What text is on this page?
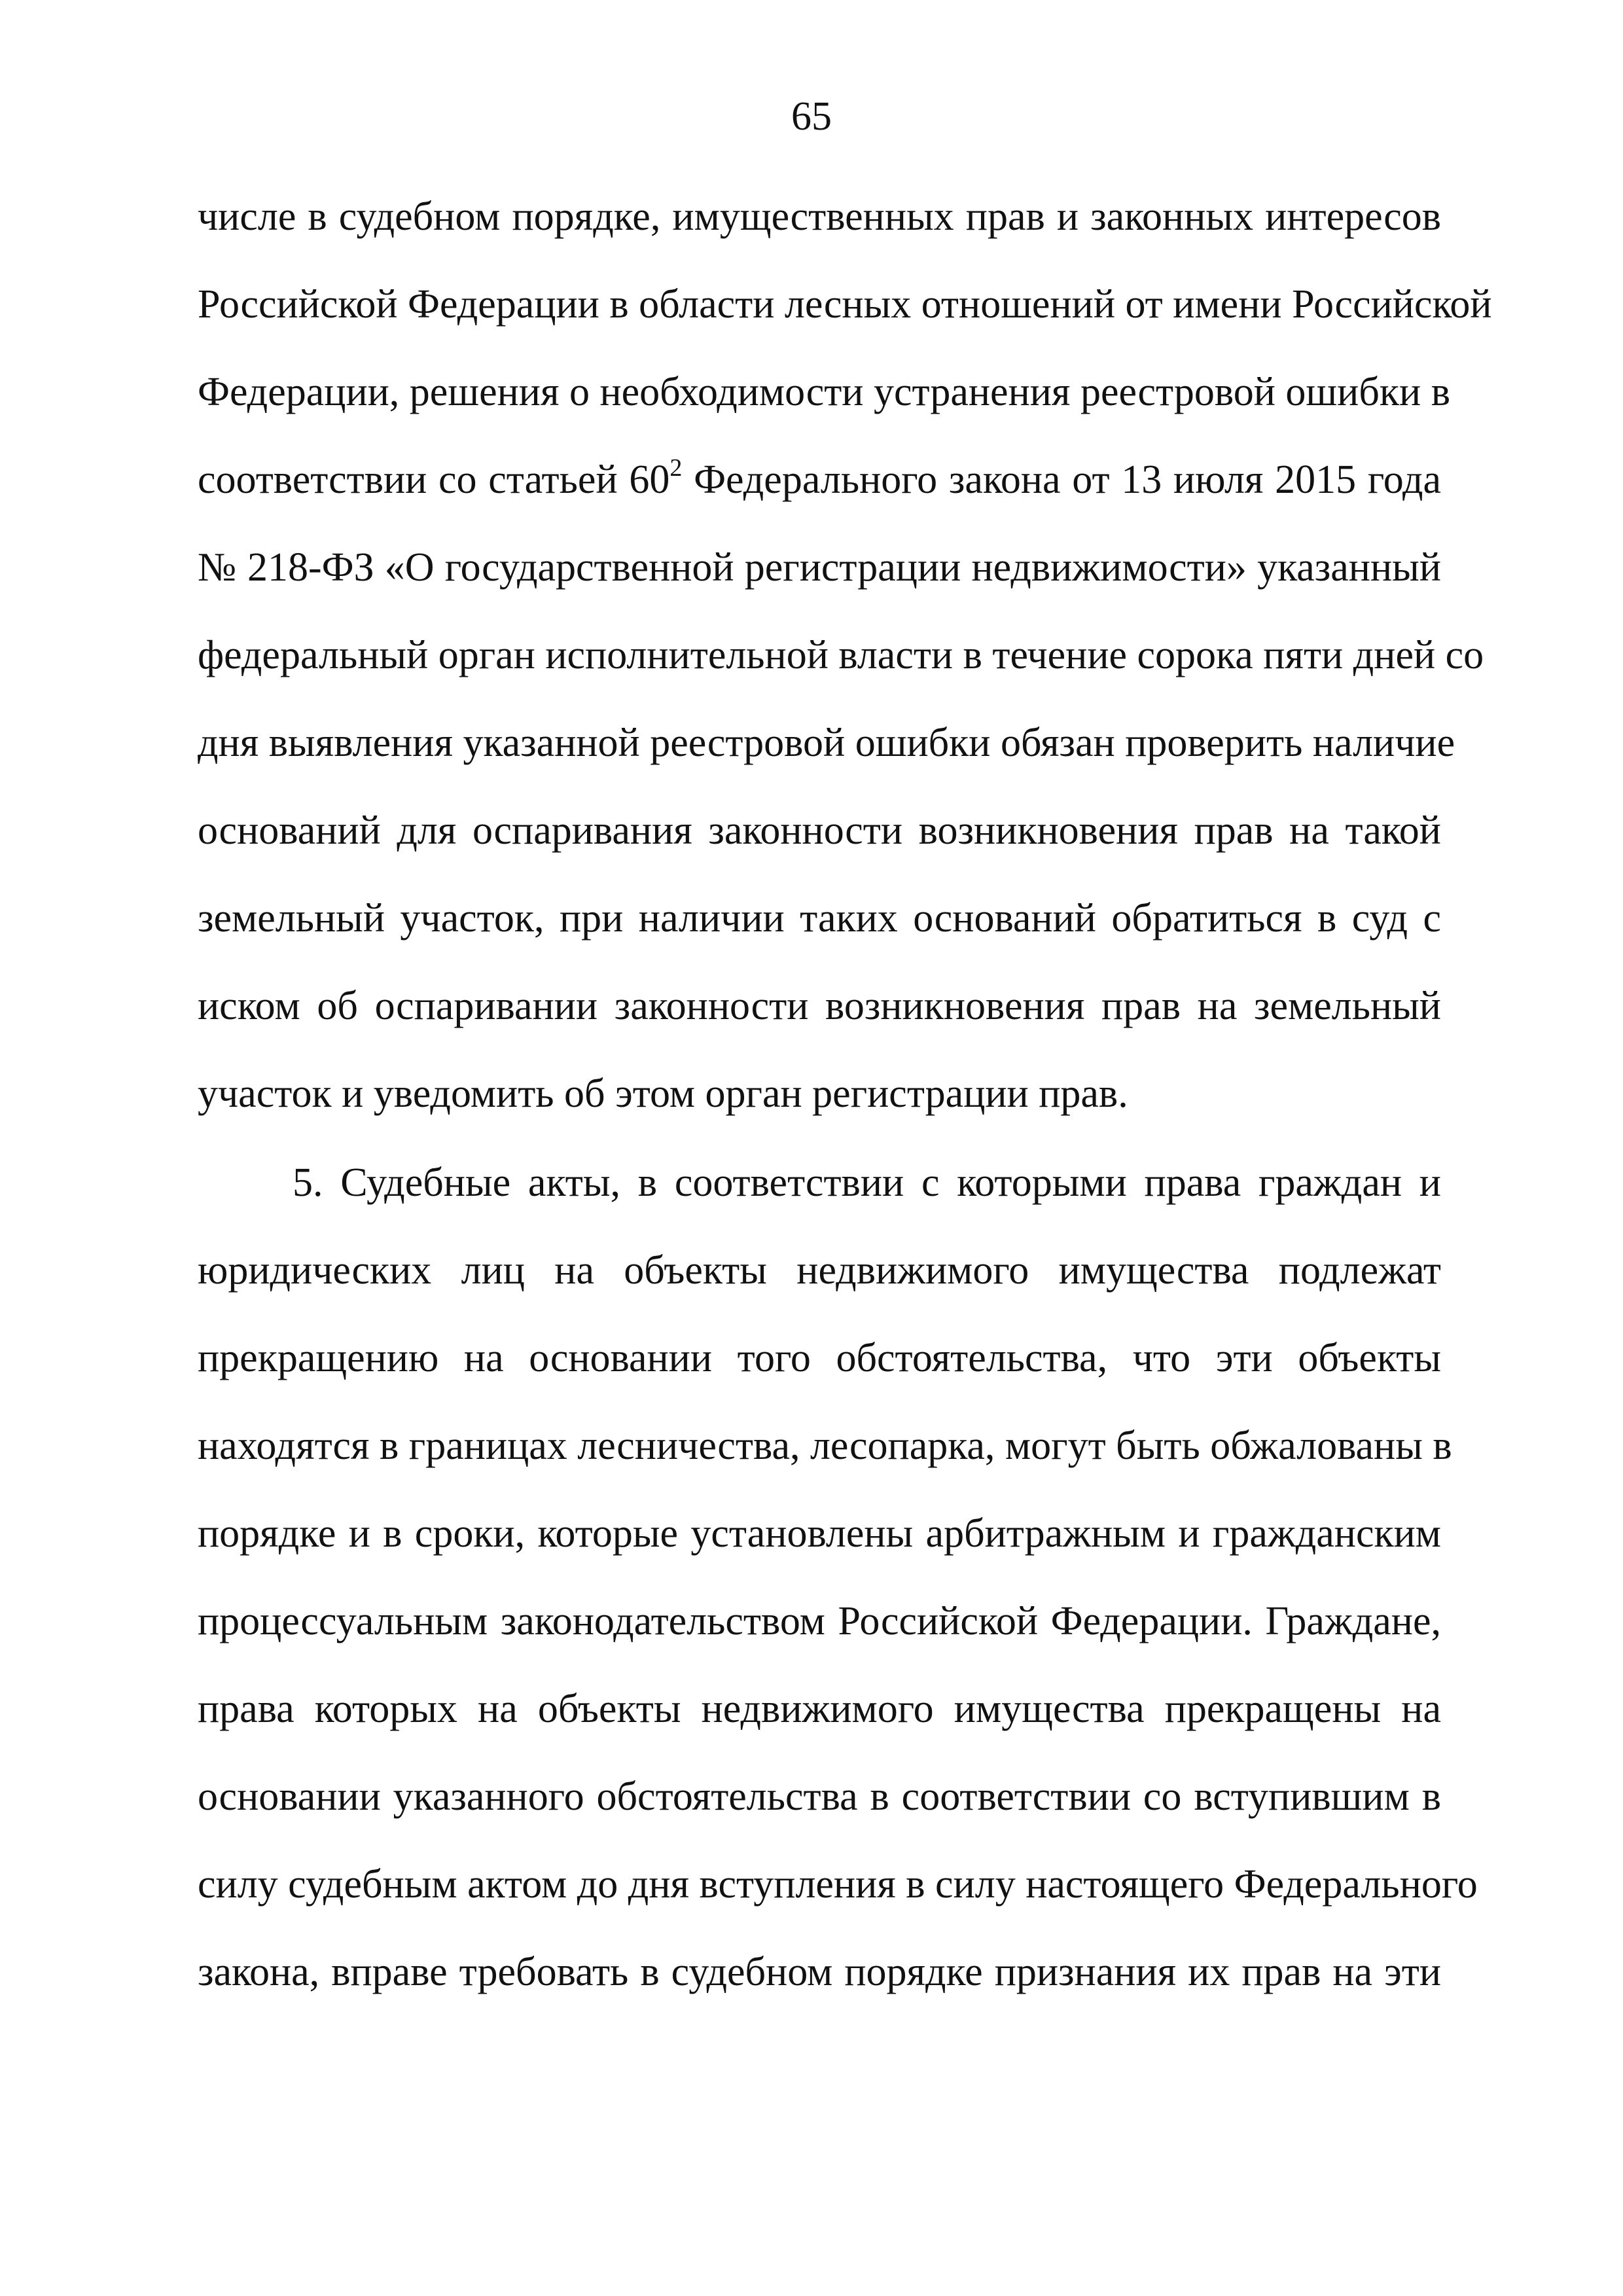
65
числе в судебном порядке, имущественных прав и законных интересов
Российской Федерации в области лесных отношений от имени Российской
Федерации, решения о необходимости устранения реестровой ошибки в
соответствии со статьей $60^2$ Федерального закона от 13 июля 2015 года
№ 218-ФЗ «О государственной регистрации недвижимости» указанный
федеральный орган исполнительной власти в течение сорока пяти дней со
дня выявления указанной реестровой ошибки обязан проверить наличие
оснований для оспаривания законности возникновения прав на такой
земельный участок, при наличии таких оснований обратиться в суд с
иском об оспаривании законности возникновения прав на земельный
участок и уведомить об этом орган регистрации прав.
5. Судебные акты, в соответствии с которыми права граждан и
юридических лиц на объекты недвижимого имущества подлежат
прекращению на основании того обстоятельства, что эти объекты
находятся в границах лесничества, лесопарка, могут быть обжалованы в
порядке и в сроки, которые установлены арбитражным и гражданским
процессуальным законодательством Российской Федерации. Граждане,
права которых на объекты недвижимого имущества прекращены на
основании указанного обстоятельства в соответствии со вступившим в
силу судебным актом до дня вступления в силу настоящего Федерального
закона, вправе требовать в судебном порядке признания их прав на эти
